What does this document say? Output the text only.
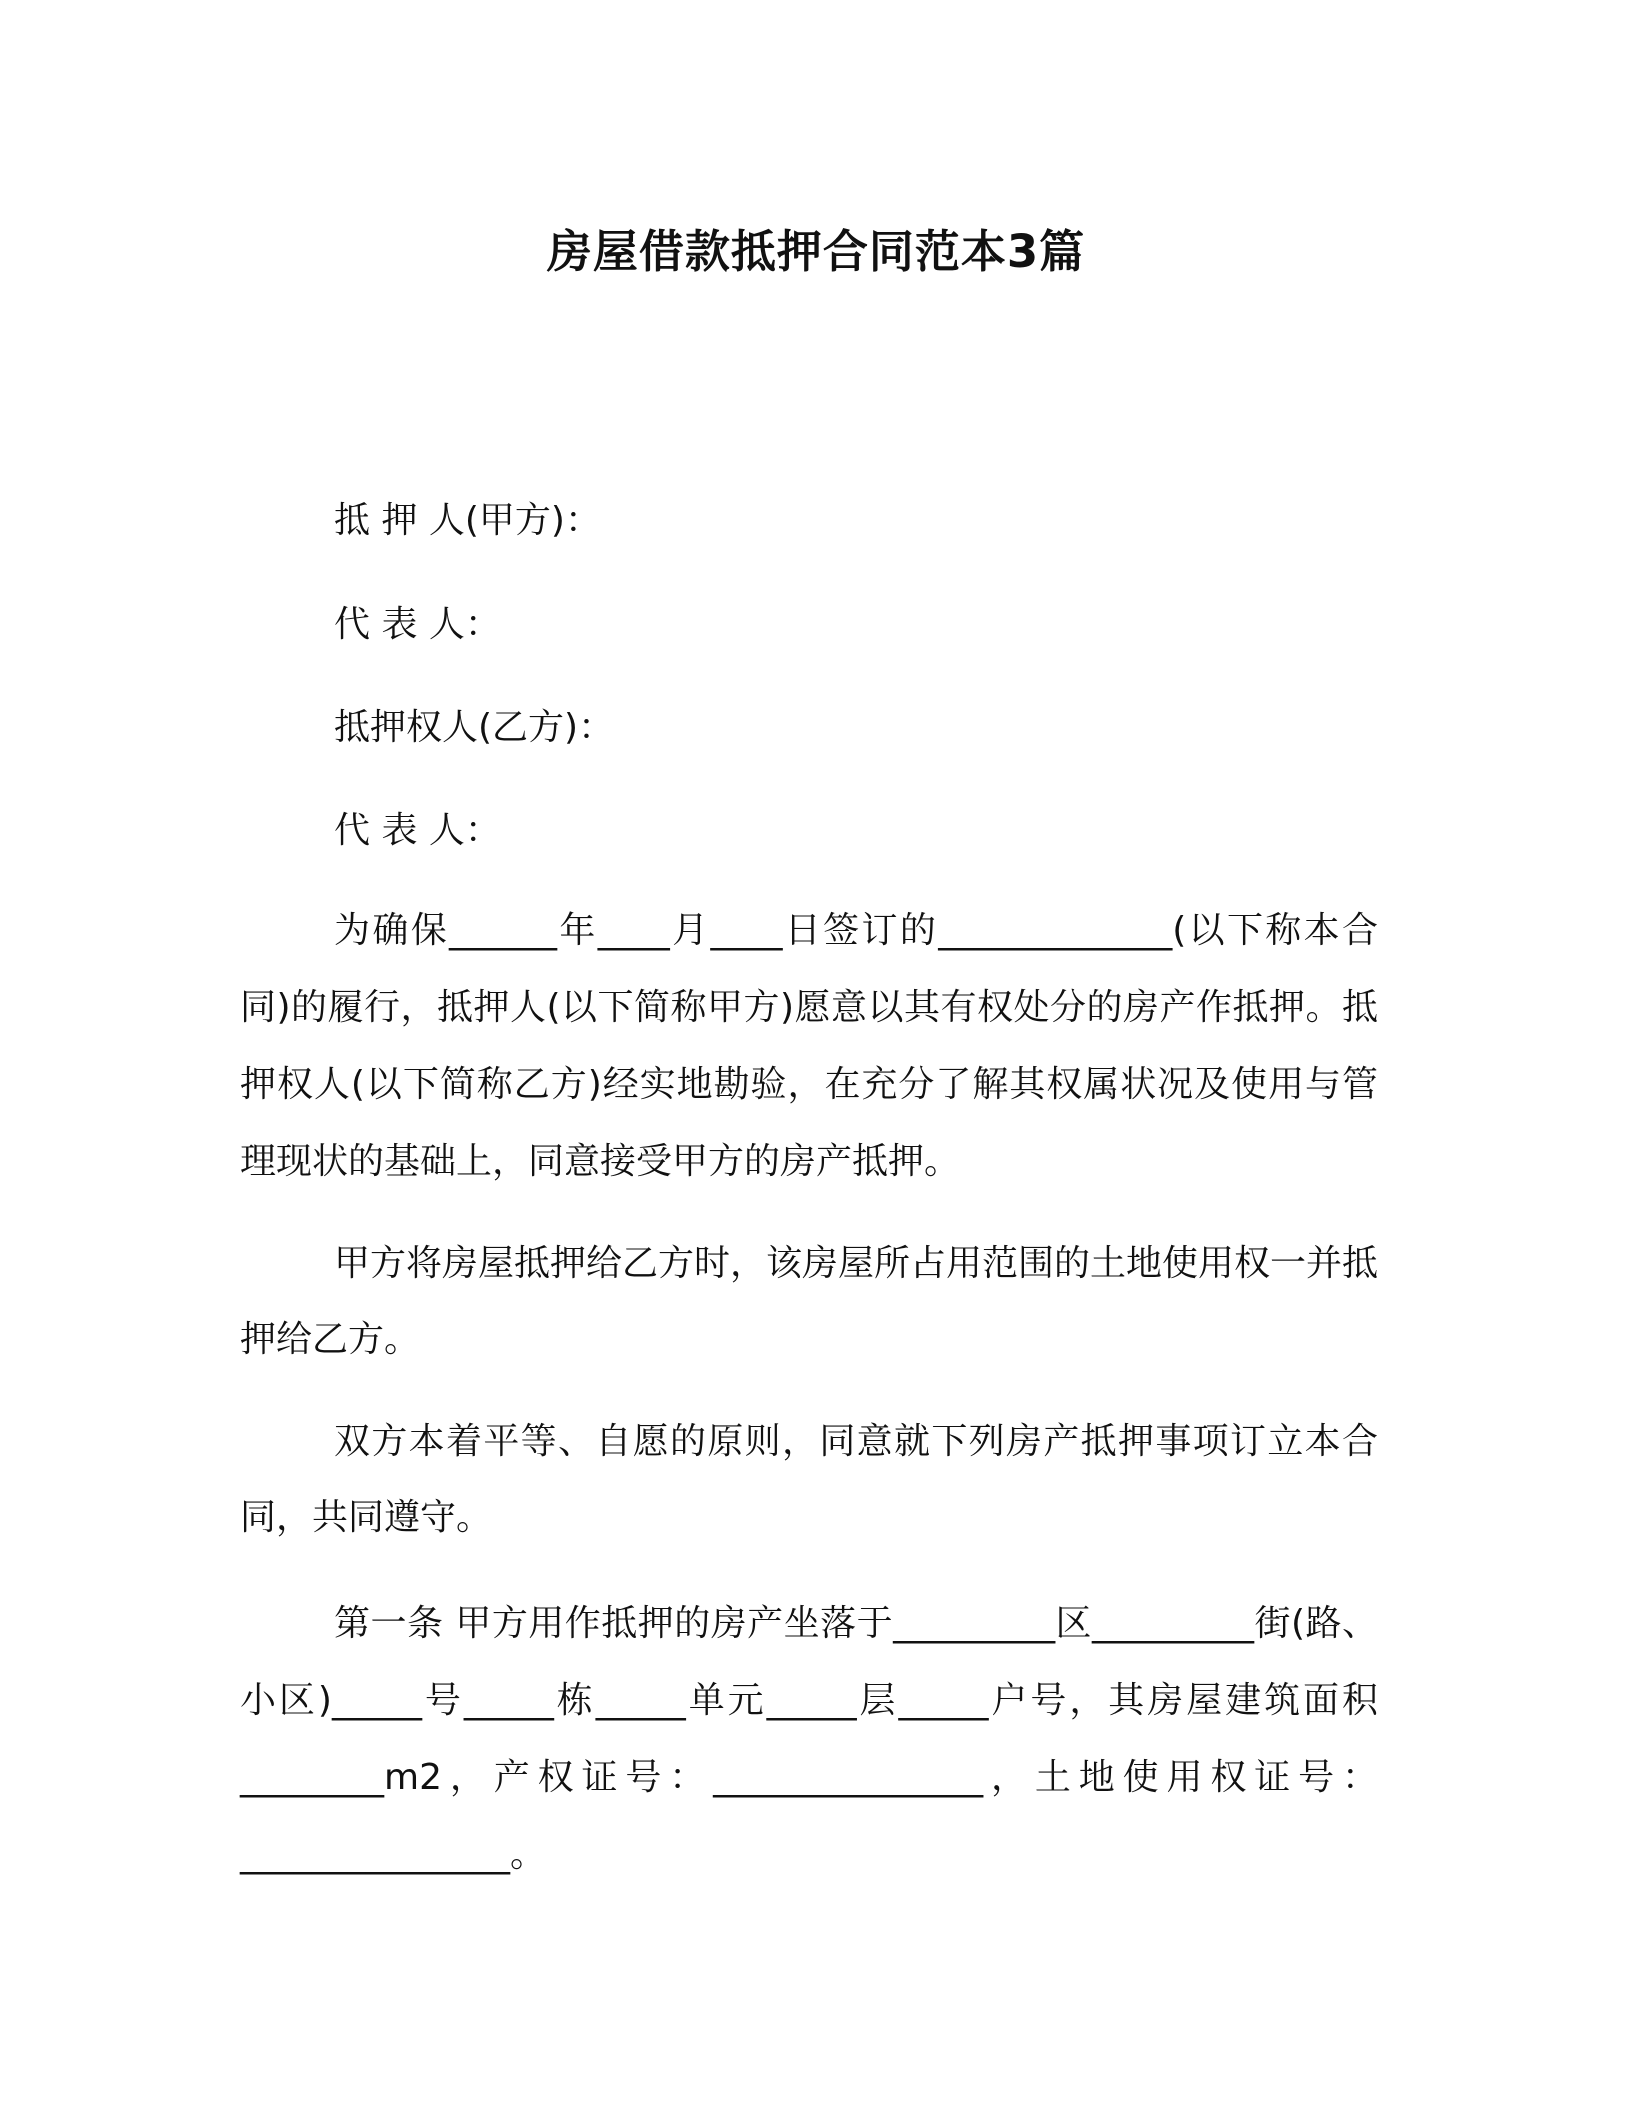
房屋借款抵押合同范本3篇
抵 押 人(甲方)：
代 表 人：
抵押权人(乙方)：
代 表 人：
为确保______年____月____日签订的_____________(以下称本合同)的履行，抵押人(以下简称甲方)愿意以其有权处分的房产作抵押。抵押权人(以下简称乙方)经实地勘验，在充分了解其权属状况及使用与管理现状的基础上，同意接受甲方的房产抵押。
甲方将房屋抵押给乙方时，该房屋所占用范围的土地使用权一并抵押给乙方。
双方本着平等、自愿的原则，同意就下列房产抵押事项订立本合同，共同遵守。
第一条 甲方用作抵押的房产坐落于_________区_________街(路、小区)_____号_____栋_____单元_____层_____户号，其房屋建筑面积________m2，产权证号：_______________，土地使用权证号：_______________。
